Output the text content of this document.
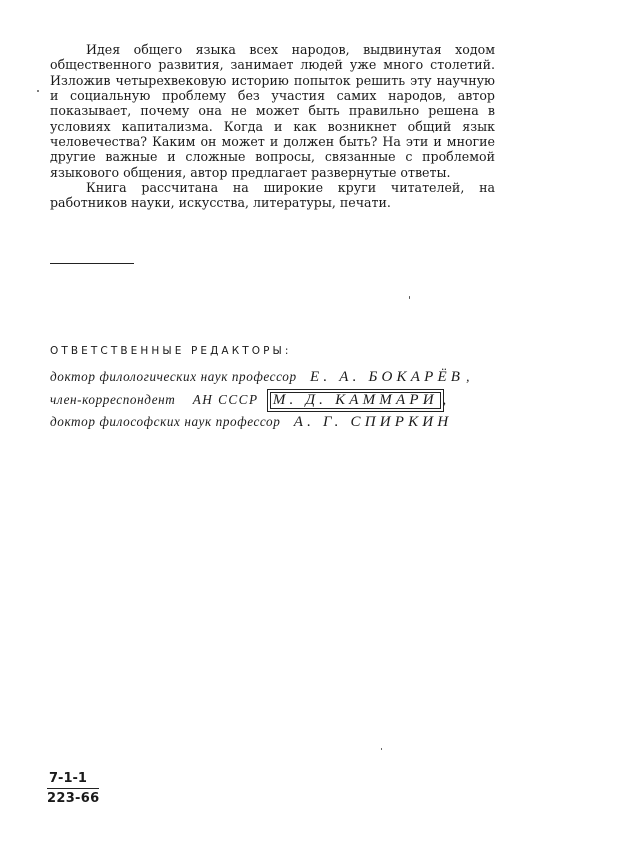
Идея общего языка всех народов, выдвинутая ходом общественного развития, занимает людей уже много столетий. Изложив четырехвековую историю попыток решить эту научную и социальную проблему без участия самих народов, автор показывает, почему она не может быть правильно решена в условиях капитализма. Когда и как возникнет общий язык человечества? Каким он может и должен быть? На эти и многие другие важные и сложные вопросы, связанные с проблемой языкового общения, автор предлагает развернутые ответы.

Книга рассчитана на широкие круги читателей, на работников науки, искусства, литературы, печати.

ОТВЕТСТВЕННЫЕ РЕДАКТОРЫ:
доктор филологических наук профессор Е. А. БОКАРЁВ ,
член-корреспондент АН СССР М. Д. КАММАРИ ,
доктор философских наук профессор А. Г. СПИРКИН
7-1-1
223-66
